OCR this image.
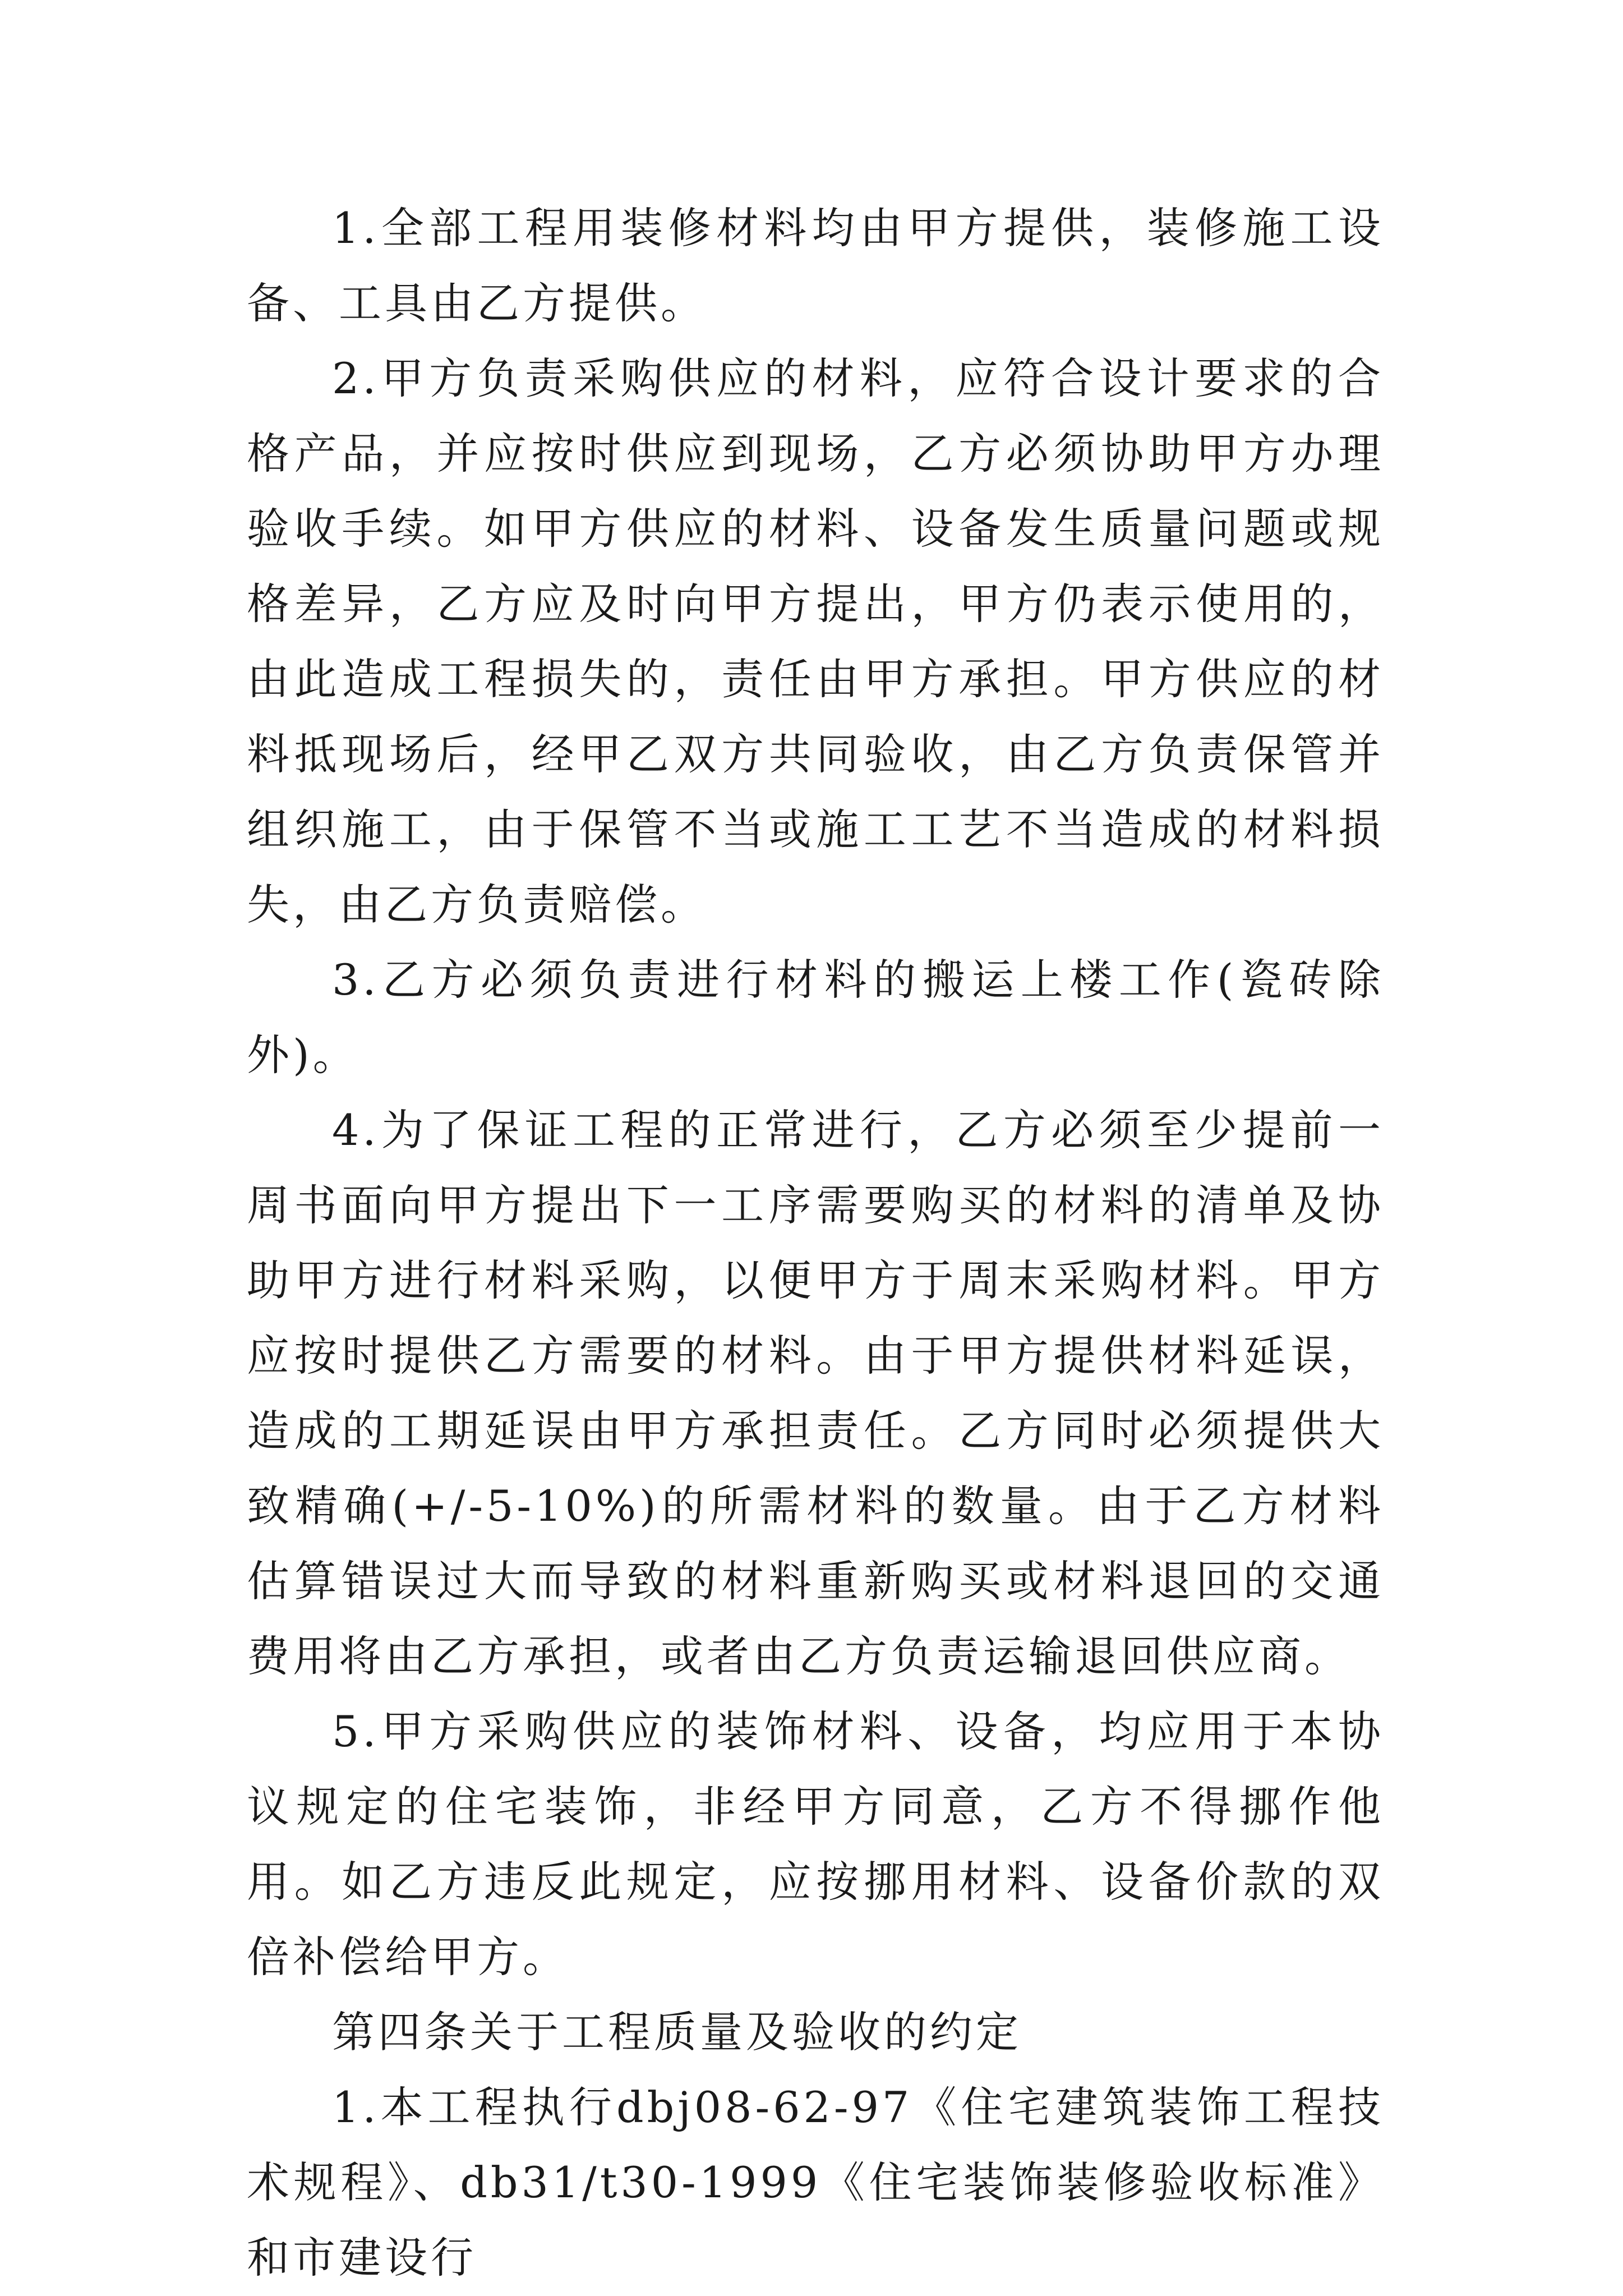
1.全部工程用装修材料均由甲方提供，装修施工设备、工具由乙方提供。

2.甲方负责采购供应的材料，应符合设计要求的合格产品，并应按时供应到现场，乙方必须协助甲方办理验收手续。如甲方供应的材料、设备发生质量问题或规格差异，乙方应及时向甲方提出，甲方仍表示使用的，由此造成工程损失的，责任由甲方承担。甲方供应的材料抵现场后，经甲乙双方共同验收，由乙方负责保管并组织施工，由于保管不当或施工工艺不当造成的材料损失，由乙方负责赔偿。

3.乙方必须负责进行材料的搬运上楼工作(瓷砖除外)。

4.为了保证工程的正常进行，乙方必须至少提前一周书面向甲方提出下一工序需要购买的材料的清单及协助甲方进行材料采购，以便甲方于周末采购材料。甲方应按时提供乙方需要的材料。由于甲方提供材料延误，造成的工期延误由甲方承担责任。乙方同时必须提供大致精确(+/-5-10%)的所需材料的数量。由于乙方材料估算错误过大而导致的材料重新购买或材料退回的交通费用将由乙方承担，或者由乙方负责运输退回供应商。

5.甲方采购供应的装饰材料、设备，均应用于本协议规定的住宅装饰，非经甲方同意，乙方不得挪作他用。如乙方违反此规定，应按挪用材料、设备价款的双倍补偿给甲方。

第四条关于工程质量及验收的约定

1.本工程执行dbj08-62-97《住宅建筑装饰工程技术规程》、db31/t30-1999《住宅装饰装修验收标准》和市建设行
